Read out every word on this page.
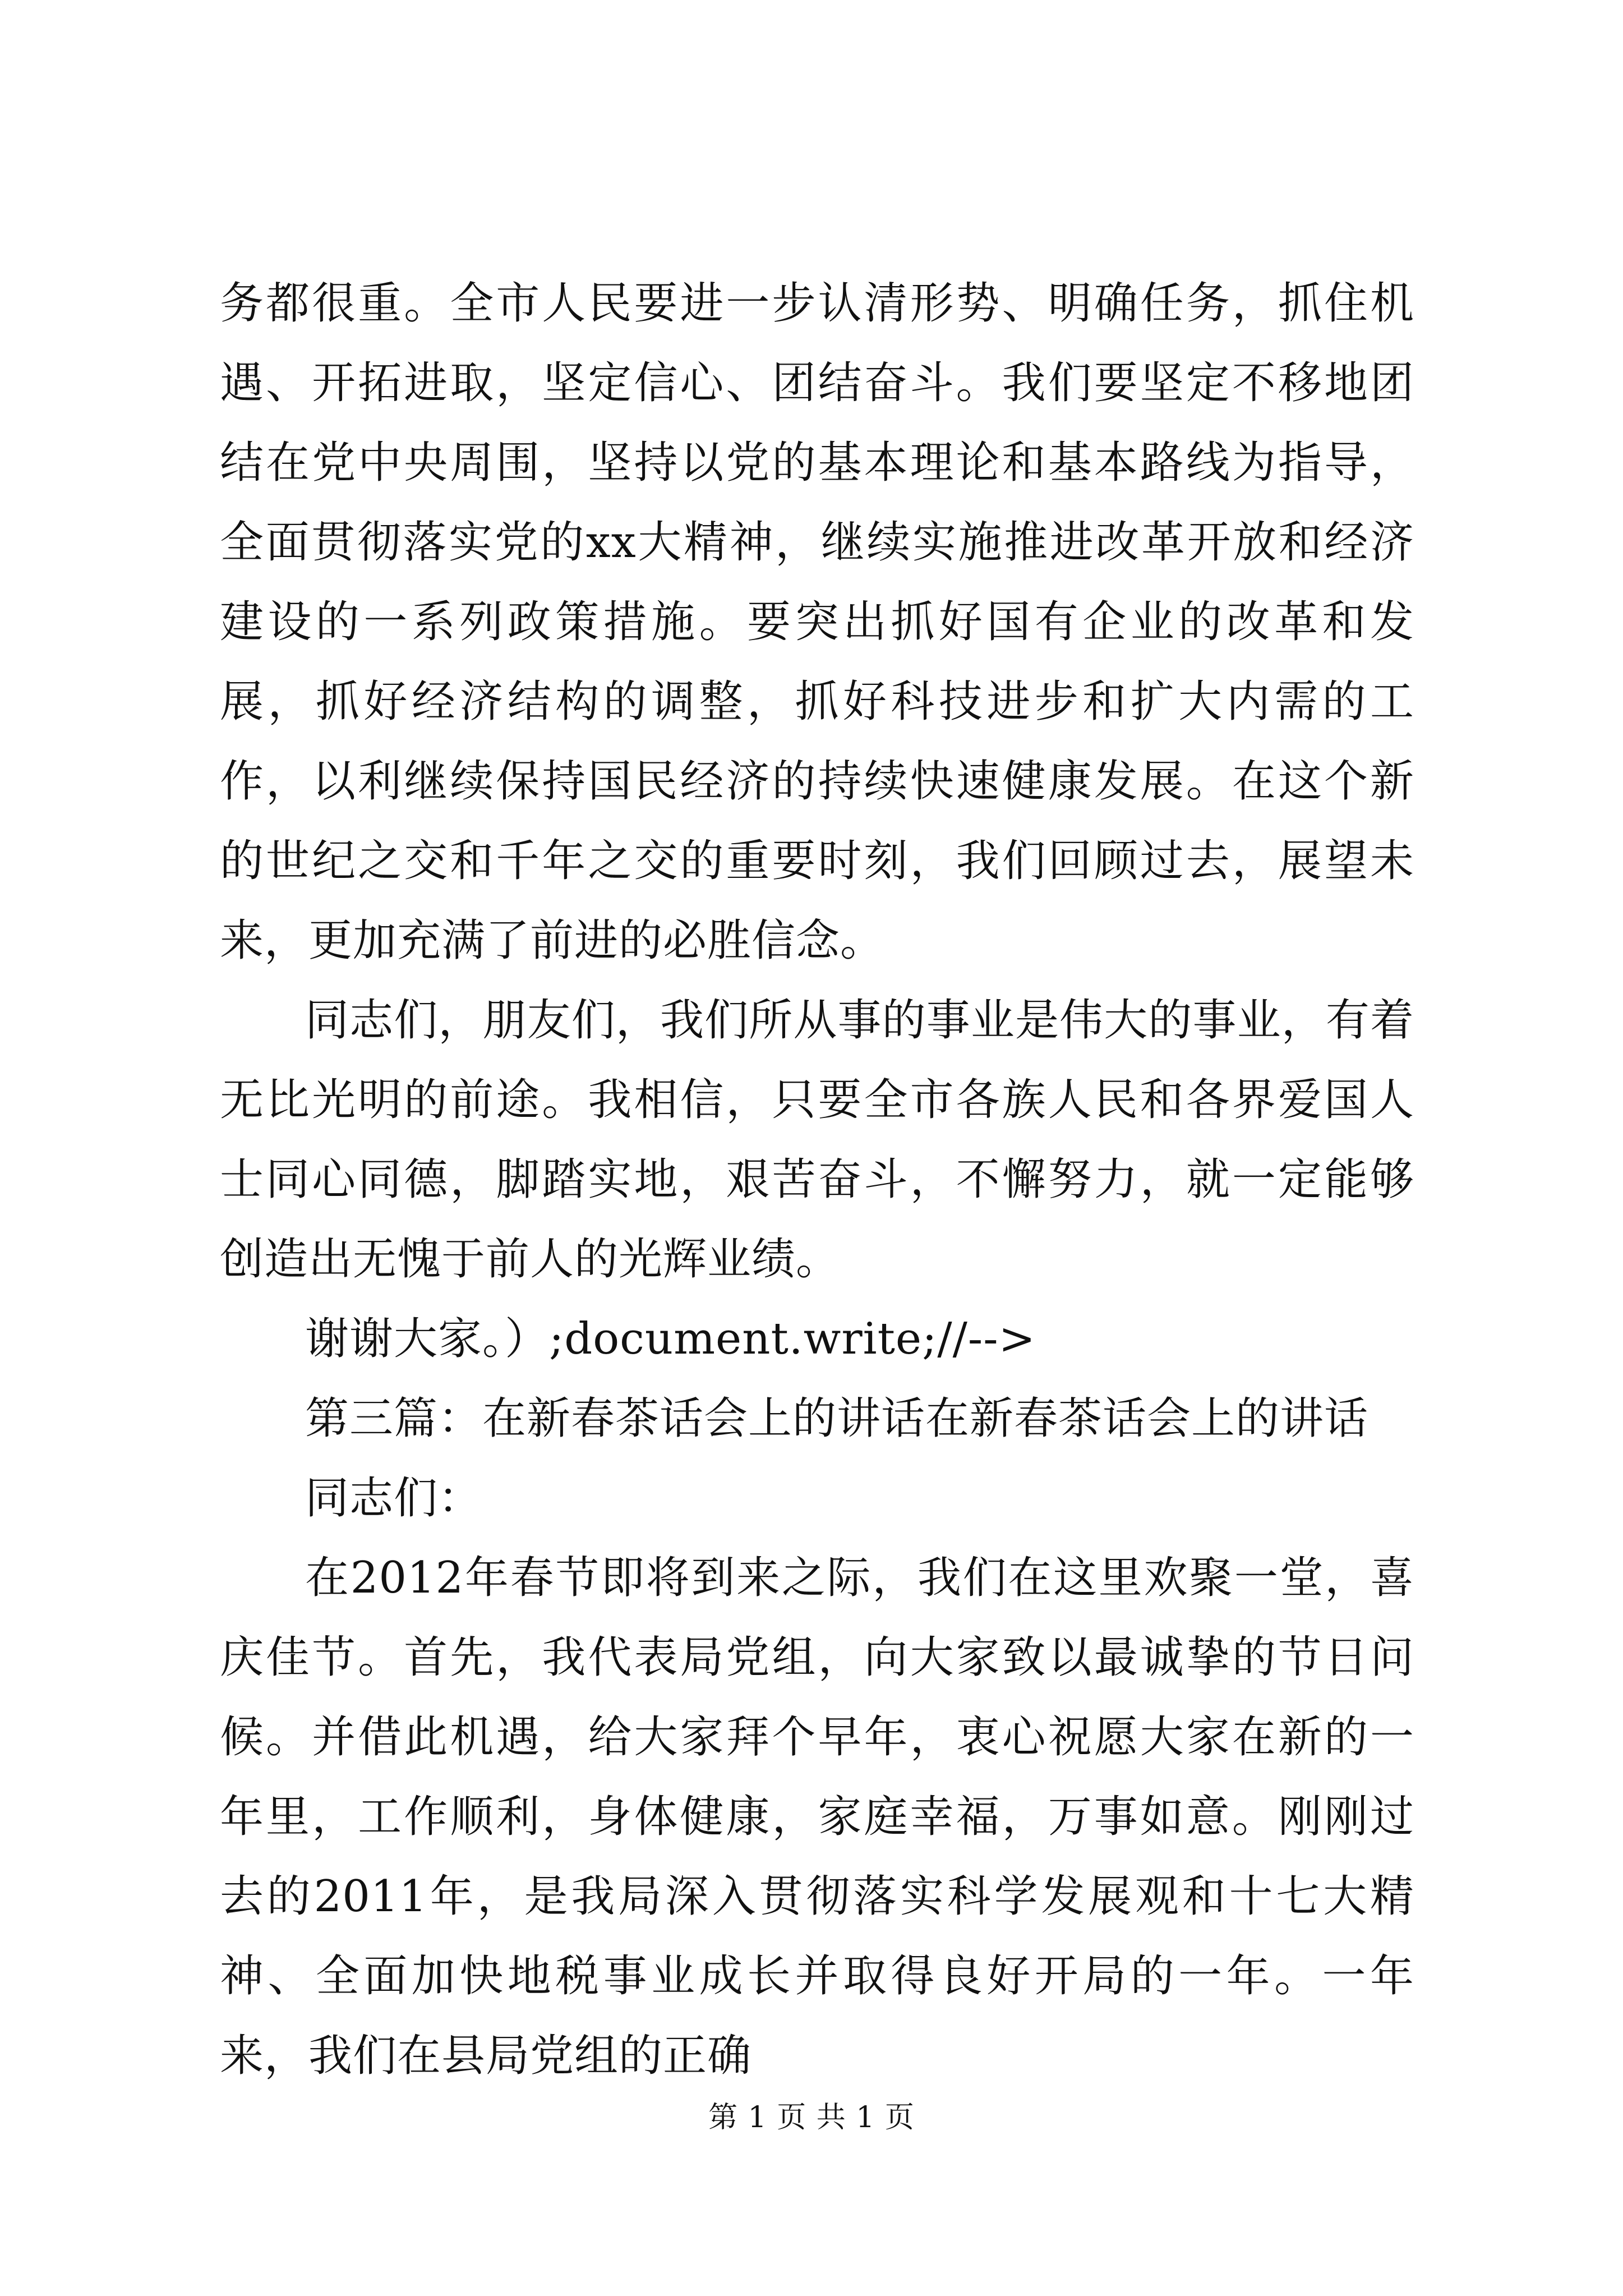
务都很重。全市人民要进一步认清形势、明确任务，抓住机遇、开拓进取，坚定信心、团结奋斗。我们要坚定不移地团结在党中央周围，坚持以党的基本理论和基本路线为指导，全面贯彻落实党的xx大精神，继续实施推进改革开放和经济建设的一系列政策措施。要突出抓好国有企业的改革和发展，抓好经济结构的调整，抓好科技进步和扩大内需的工作，以利继续保持国民经济的持续快速健康发展。在这个新的世纪之交和千年之交的重要时刻，我们回顾过去，展望未来，更加充满了前进的必胜信念。

同志们，朋友们，我们所从事的事业是伟大的事业，有着无比光明的前途。我相信，只要全市各族人民和各界爱国人士同心同德，脚踏实地，艰苦奋斗，不懈努力，就一定能够创造出无愧于前人的光辉业绩。

谢谢大家。）;document.write;//-->

第三篇：在新春茶话会上的讲话在新春茶话会上的讲话

同志们：

在2012年春节即将到来之际，我们在这里欢聚一堂，喜庆佳节。首先，我代表局党组，向大家致以最诚挚的节日问候。并借此机遇，给大家拜个早年，衷心祝愿大家在新的一年里，工作顺利，身体健康，家庭幸福，万事如意。刚刚过去的2011年，是我局深入贯彻落实科学发展观和十七大精神、全面加快地税事业成长并取得良好开局的一年。一年来，我们在县局党组的正确

第 1 页 共 1 页
